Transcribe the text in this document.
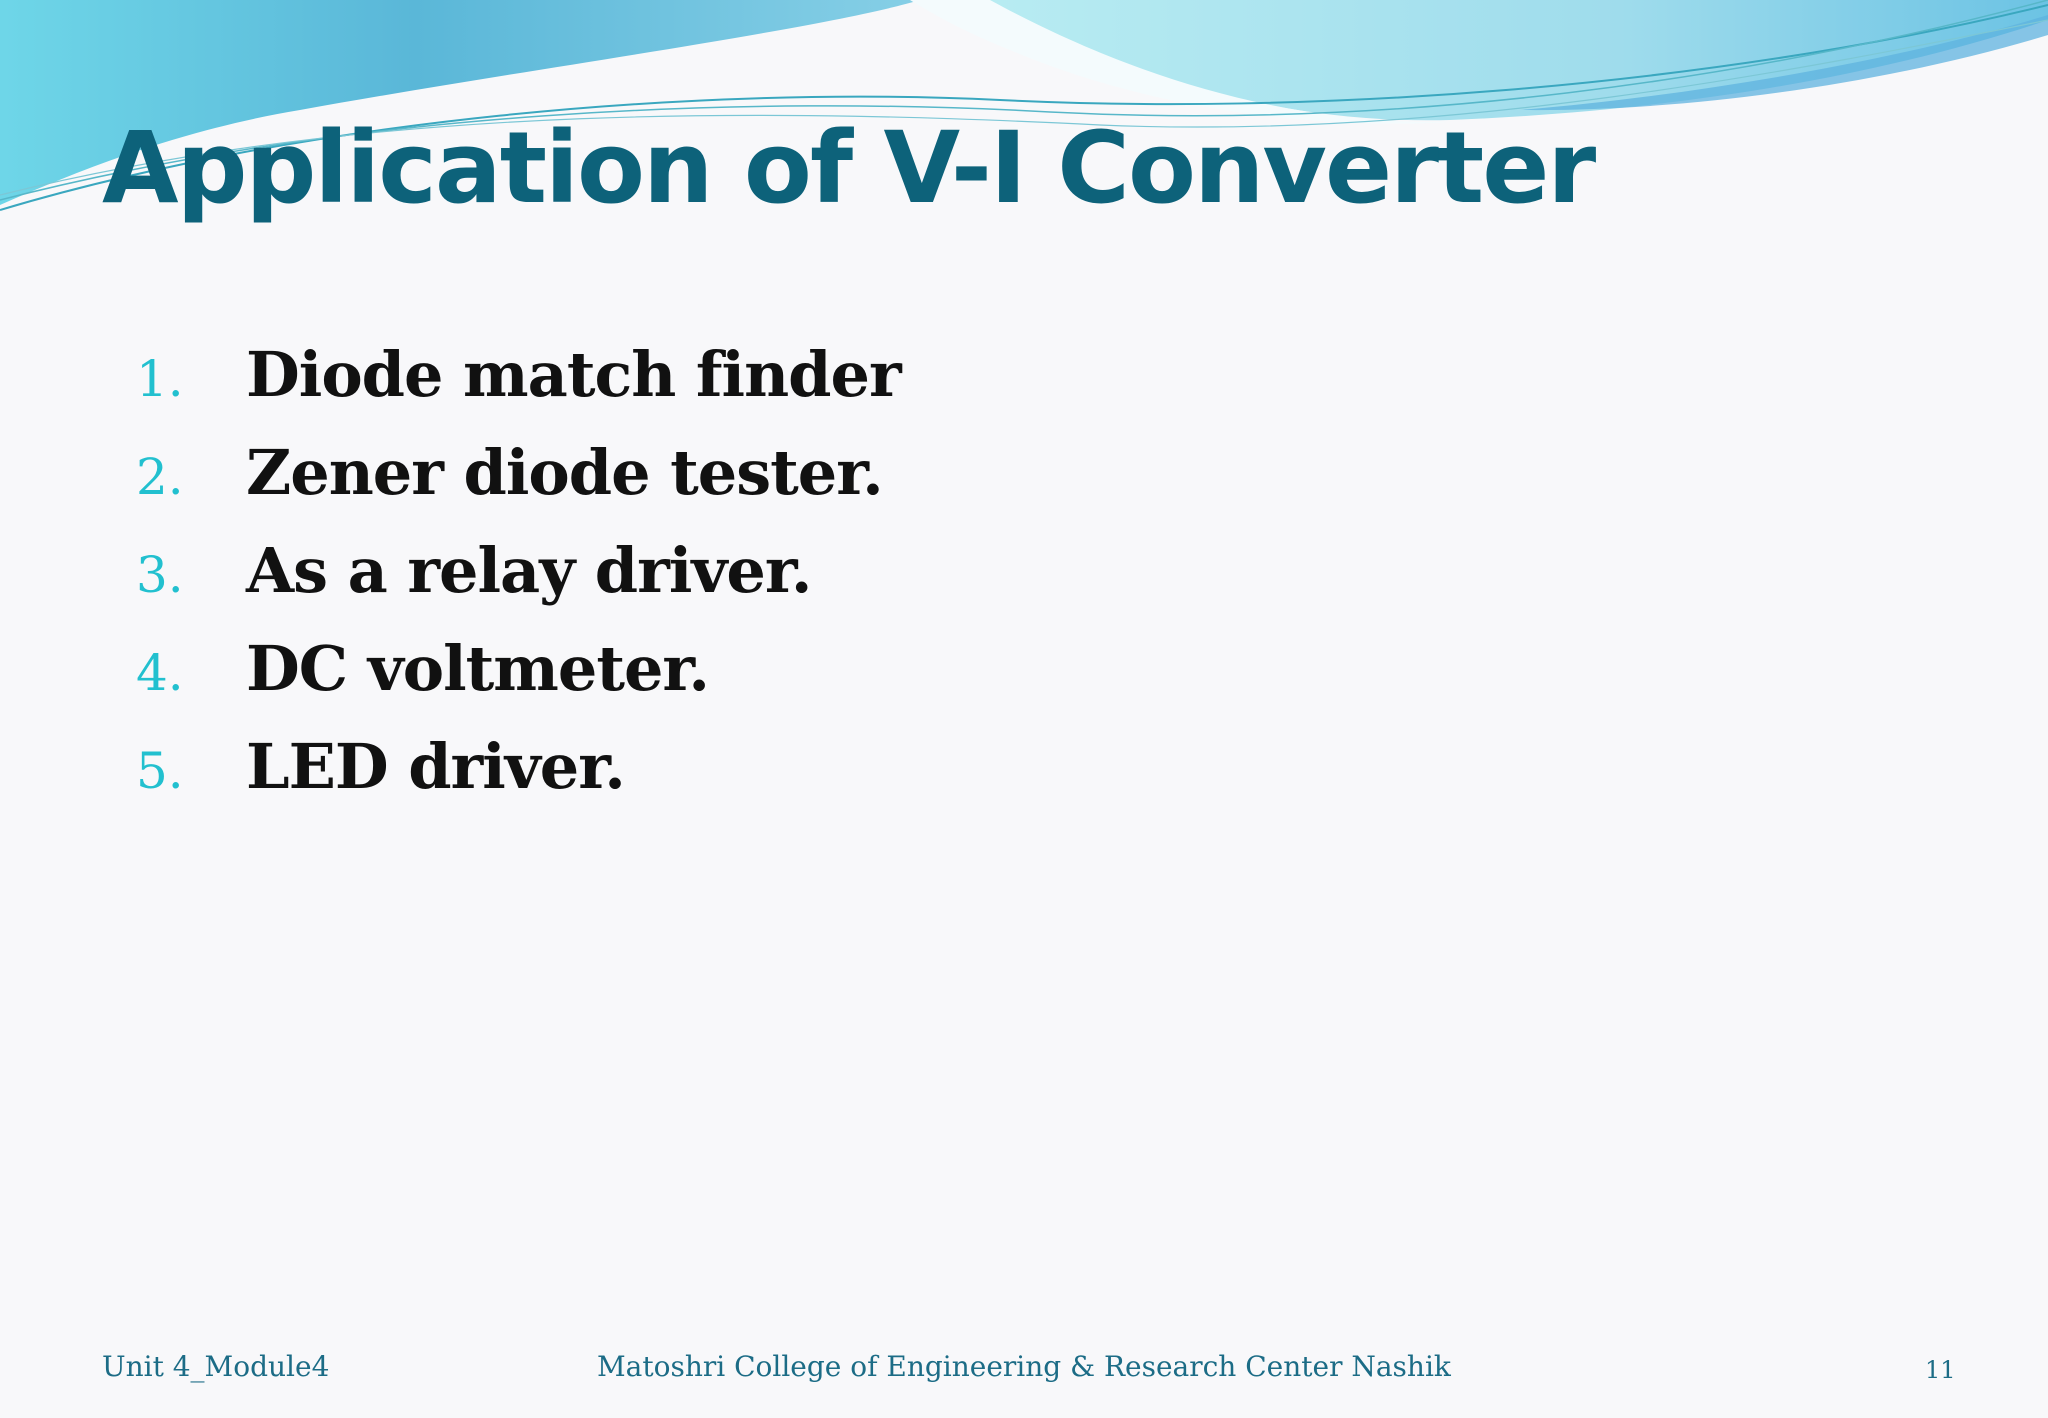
Application of V-I Converter
1.	Diode match finder
2.	Zener diode tester.
3.	As a relay driver.
4.	DC voltmeter.
5.	LED driver.
Unit 4_Module4	Matoshri College of Engineering & Research Center Nashik	11
